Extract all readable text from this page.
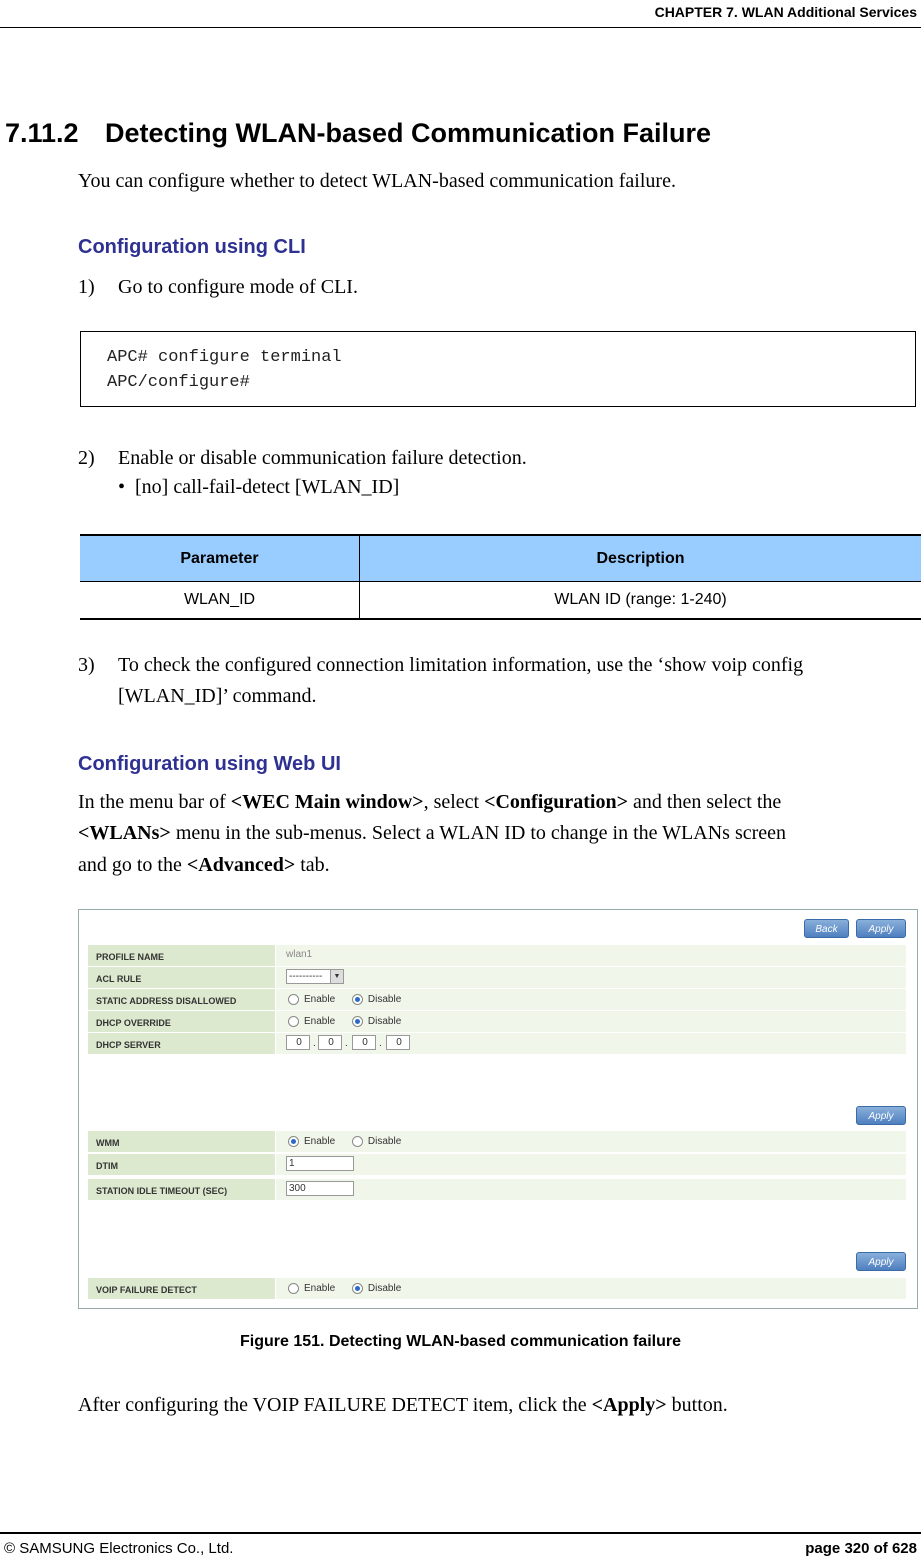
CHAPTER 7. WLAN Additional Services
7.11.2 Detecting WLAN-based Communication Failure
You can configure whether to detect WLAN-based communication failure.
Configuration using CLI
1) Go to configure mode of CLI.
APC# configure terminal
APC/configure#
2) Enable or disable communication failure detection.
•  [no] call-fail-detect [WLAN_ID]
Parameter	Description
WLAN_ID	WLAN ID (range: 1-240)
3) To check the configured connection limitation information, use the ‘show voip config
[WLAN_ID]’ command.
Configuration using Web UI
In the menu bar of <WEC Main window>, select <Configuration> and then select the
<WLANs> menu in the sub-menus. Select a WLAN ID to change in the WLANs screen
and go to the <Advanced> tab.
Back	Apply
PROFILE NAME	wlan1
ACL RULE	----------	▼
STATIC ADDRESS DISALLOWED	Enable	Disable
DHCP OVERRIDE	Enable	Disable
DHCP SERVER	0	.	0	.	0	.	0
Apply
WMM	Enable	Disable
DTIM	1
STATION IDLE TIMEOUT (SEC)	300
Apply
VOIP FAILURE DETECT	Enable	Disable
Figure 151. Detecting WLAN-based communication failure
After configuring the VOIP FAILURE DETECT item, click the <Apply> button.
© SAMSUNG Electronics Co., Ltd.	page 320 of 628
